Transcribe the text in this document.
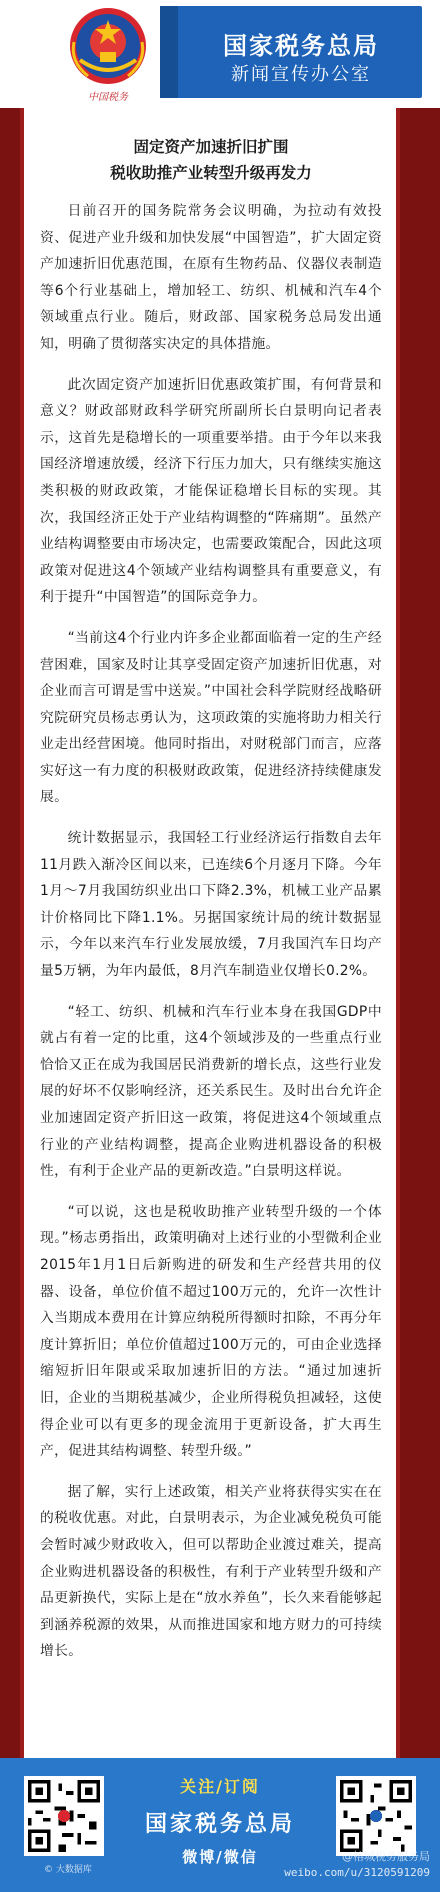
中国税务
国家税务总局
新闻宣传办公室
固定资产加速折旧扩围
税收助推产业转型升级再发力

日前召开的国务院常务会议明确，为拉动有效投资、促进产业升级和加快发展“中国智造”，扩大固定资产加速折旧优惠范围，在原有生物药品、仪器仪表制造等6个行业基础上，增加轻工、纺织、机械和汽车4个领域重点行业。随后，财政部、国家税务总局发出通知，明确了贯彻落实决定的具体措施。

此次固定资产加速折旧优惠政策扩围，有何背景和意义？财政部财政科学研究所副所长白景明向记者表示，这首先是稳增长的一项重要举措。由于今年以来我国经济增速放缓，经济下行压力加大，只有继续实施这类积极的财政政策，才能保证稳增长目标的实现。其次，我国经济正处于产业结构调整的“阵痛期”。虽然产业结构调整要由市场决定，也需要政策配合，因此这项政策对促进这4个领域产业结构调整具有重要意义，有利于提升“中国智造”的国际竞争力。

“当前这4个行业内许多企业都面临着一定的生产经营困难，国家及时让其享受固定资产加速折旧优惠，对企业而言可谓是雪中送炭。”中国社会科学院财经战略研究院研究员杨志勇认为，这项政策的实施将助力相关行业走出经营困境。他同时指出，对财税部门而言，应落实好这一有力度的积极财政政策，促进经济持续健康发展。

统计数据显示，我国轻工行业经济运行指数自去年11月跌入渐冷区间以来，已连续6个月逐月下降。今年1月～7月我国纺织业出口下降2.3%，机械工业产品累计价格同比下降1.1%。另据国家统计局的统计数据显示，今年以来汽车行业发展放缓，7月我国汽车日均产量5万辆，为年内最低，8月汽车制造业仅增长0.2%。

“轻工、纺织、机械和汽车行业本身在我国GDP中就占有着一定的比重，这4个领域涉及的一些重点行业恰恰又正在成为我国居民消费新的增长点，这些行业发展的好坏不仅影响经济，还关系民生。及时出台允许企业加速固定资产折旧这一政策，将促进这4个领域重点行业的产业结构调整，提高企业购进机器设备的积极性，有利于企业产品的更新改造。”白景明这样说。

“可以说，这也是税收助推产业转型升级的一个体现。”杨志勇指出，政策明确对上述行业的小型微利企业2015年1月1日后新购进的研发和生产经营共用的仪器、设备，单位价值不超过100万元的，允许一次性计入当期成本费用在计算应纳税所得额时扣除，不再分年度计算折旧；单位价值超过100万元的，可由企业选择缩短折旧年限或采取加速折旧的方法。“通过加速折旧，企业的当期税基减少，企业所得税负担减轻，这使得企业可以有更多的现金流用于更新设备，扩大再生产，促进其结构调整、转型升级。”

据了解，实行上述政策，相关产业将获得实实在在的税收优惠。对此，白景明表示，为企业减免税负可能会暂时减少财政收入，但可以帮助企业渡过难关，提高企业购进机器设备的积极性，有利于产业转型升级和产品更新换代，实际上是在“放水养鱼”，长久来看能够起到涵养税源的效果，从而推进国家和地方财力的可持续增长。

关注/订阅
国家税务总局
微博/微信
© 大数据库
@榕城税务服务局
weibo.com/u/3120591209
